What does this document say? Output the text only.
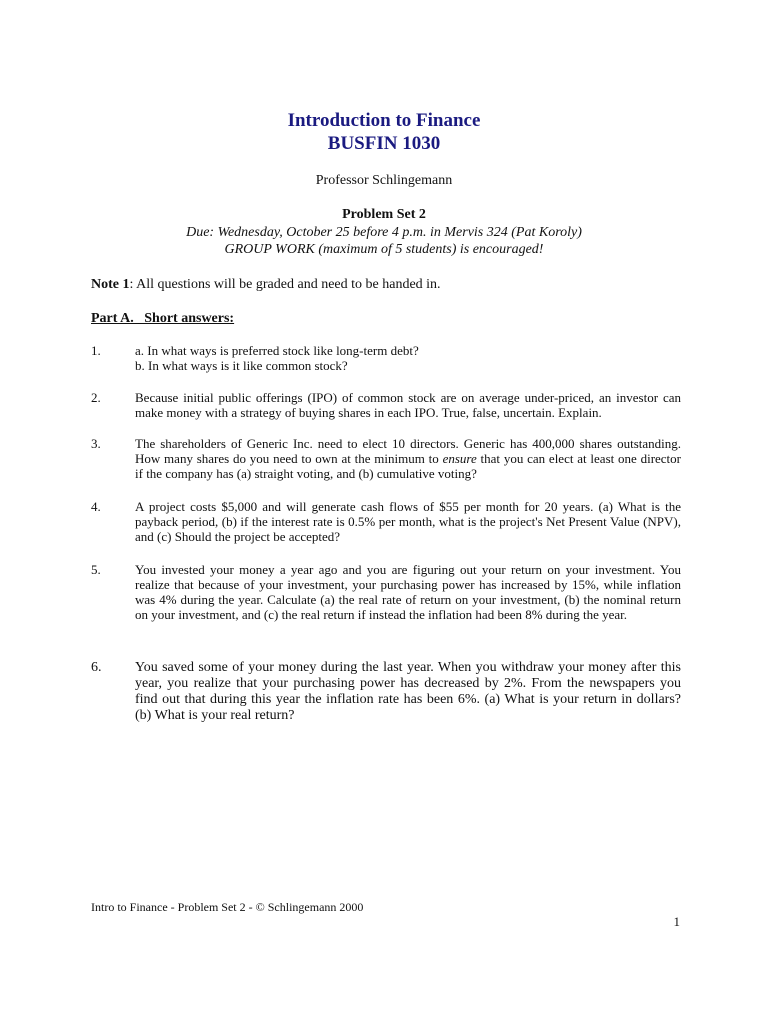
Introduction to Finance
BUSFIN 1030
Professor Schlingemann
Problem Set 2
Due: Wednesday, October 25 before 4 p.m. in Mervis 324 (Pat Koroly)
GROUP WORK (maximum of 5 students) is encouraged!
Note 1: All questions will be graded and need to be handed in.
Part A.   Short answers:
1.	a. In what ways is preferred stock like long-term debt?
b. In what ways is it like common stock?
2.	Because initial public offerings (IPO) of common stock are on average under-priced, an investor can make money with a strategy of buying shares in each IPO. True, false, uncertain. Explain.
3.	The shareholders of Generic Inc. need to elect 10 directors. Generic has 400,000 shares outstanding. How many shares do you need to own at the minimum to ensure that you can elect at least one director if the company has (a) straight voting, and (b) cumulative voting?
4.	A project costs $5,000 and will generate cash flows of $55 per month for 20 years. (a) What is the payback period, (b) if the interest rate is 0.5% per month, what is the project's Net Present Value (NPV), and (c) Should the project be accepted?
5.	You invested your money a year ago and you are figuring out your return on your investment. You realize that because of your investment, your purchasing power has increased by 15%, while inflation was 4% during the year. Calculate (a) the real rate of return on your investment, (b) the nominal return on your investment, and (c) the real return if instead the inflation had been 8% during the year.
6.	You saved some of your money during the last year. When you withdraw your money after this year, you realize that your purchasing power has decreased by 2%. From the newspapers you find out that during this year the inflation rate has been 6%. (a) What is your return in dollars? (b) What is your real return?
Intro to Finance - Problem Set 2 - © Schlingemann 2000
1
